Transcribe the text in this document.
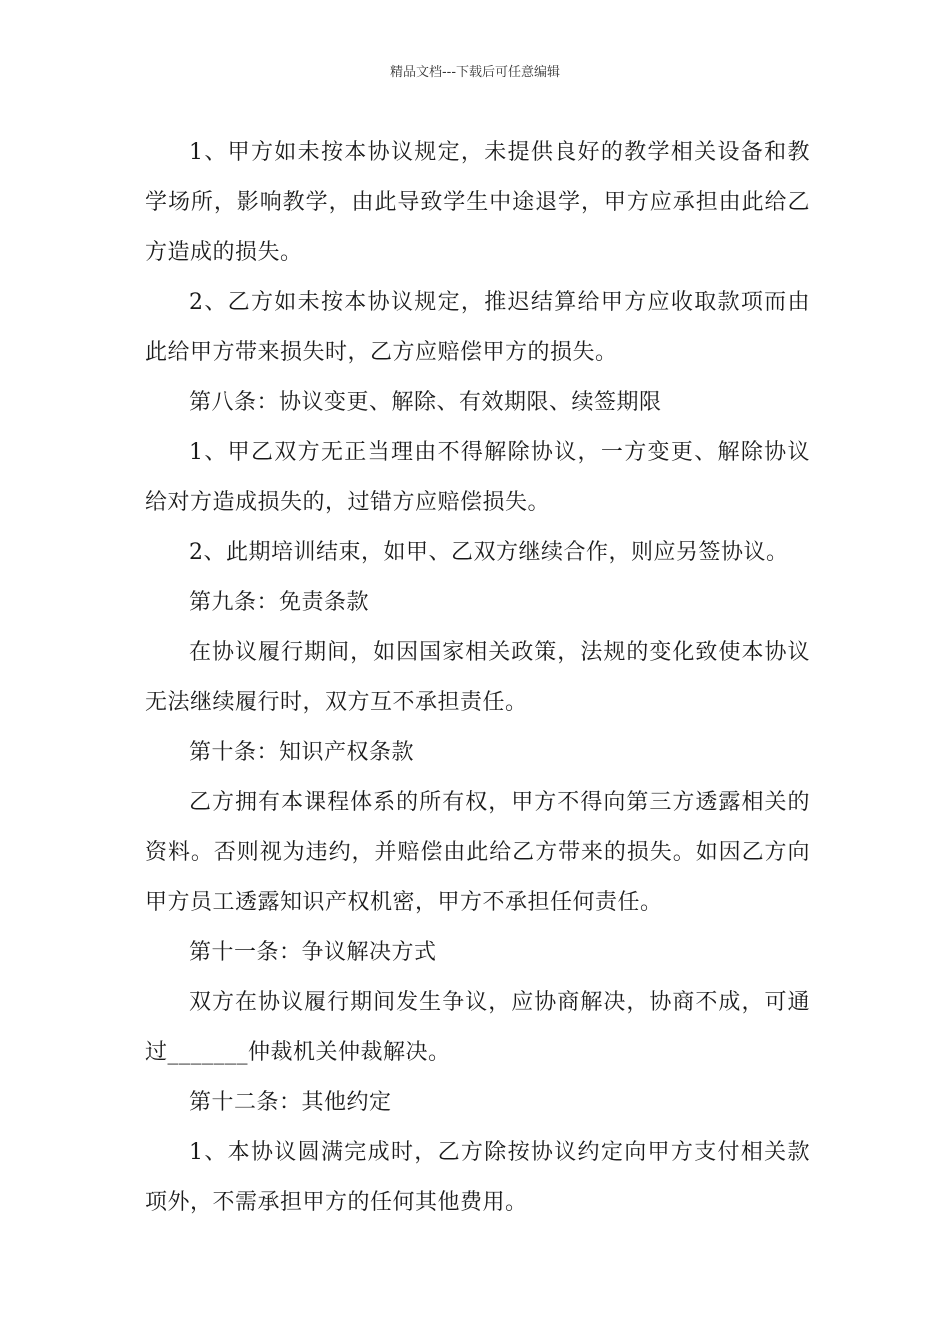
精品文档---下载后可任意编辑

1、甲方如未按本协议规定，未提供良好的教学相关设备和教学场所，影响教学，由此导致学生中途退学，甲方应承担由此给乙方造成的损失。

2、乙方如未按本协议规定，推迟结算给甲方应收取款项而由此给甲方带来损失时，乙方应赔偿甲方的损失。

第八条：协议变更、解除、有效期限、续签期限

1、甲乙双方无正当理由不得解除协议，一方变更、解除协议给对方造成损失的，过错方应赔偿损失。

2、此期培训结束，如甲、乙双方继续合作，则应另签协议。

第九条：免责条款

在协议履行期间，如因国家相关政策，法规的变化致使本协议无法继续履行时，双方互不承担责任。

第十条：知识产权条款

乙方拥有本课程体系的所有权，甲方不得向第三方透露相关的资料。否则视为违约，并赔偿由此给乙方带来的损失。如因乙方向甲方员工透露知识产权机密，甲方不承担任何责任。

第十一条：争议解决方式

双方在协议履行期间发生争议，应协商解决，协商不成，可通过_______仲裁机关仲裁解决。

第十二条：其他约定

1、本协议圆满完成时，乙方除按协议约定向甲方支付相关款项外，不需承担甲方的任何其他费用。
